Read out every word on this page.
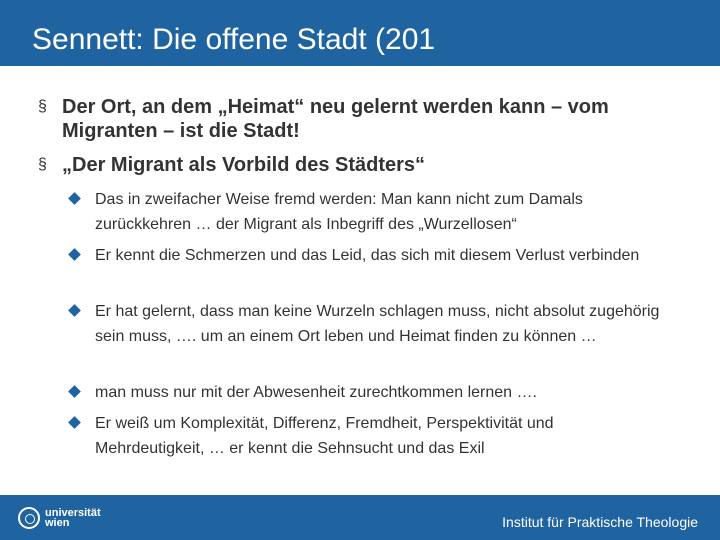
Sennett: Die offene Stadt (201
§ Der Ort, an dem „Heimat“ neu gelernt werden kann – vom Migranten – ist die Stadt!
§ „Der Migrant als Vorbild des Städters“
Das in zweifacher Weise fremd werden: Man kann nicht zum Damals zurückkehren … der Migrant als Inbegriff des „Wurzellosen“
Er kennt die Schmerzen und das Leid, das sich mit diesem Verlust verbinden
Er hat gelernt, dass man keine Wurzeln schlagen muss, nicht absolut zugehörig sein muss, …. um an einem Ort leben und Heimat finden zu können …
man muss nur mit der Abwesenheit zurechtkommen lernen ….
Er weiß um Komplexität, Differenz, Fremdheit, Perspektivität und Mehrdeutigkeit, … er kennt die Sehnsucht und das Exil
universität
wien	Institut für Praktische Theologie
